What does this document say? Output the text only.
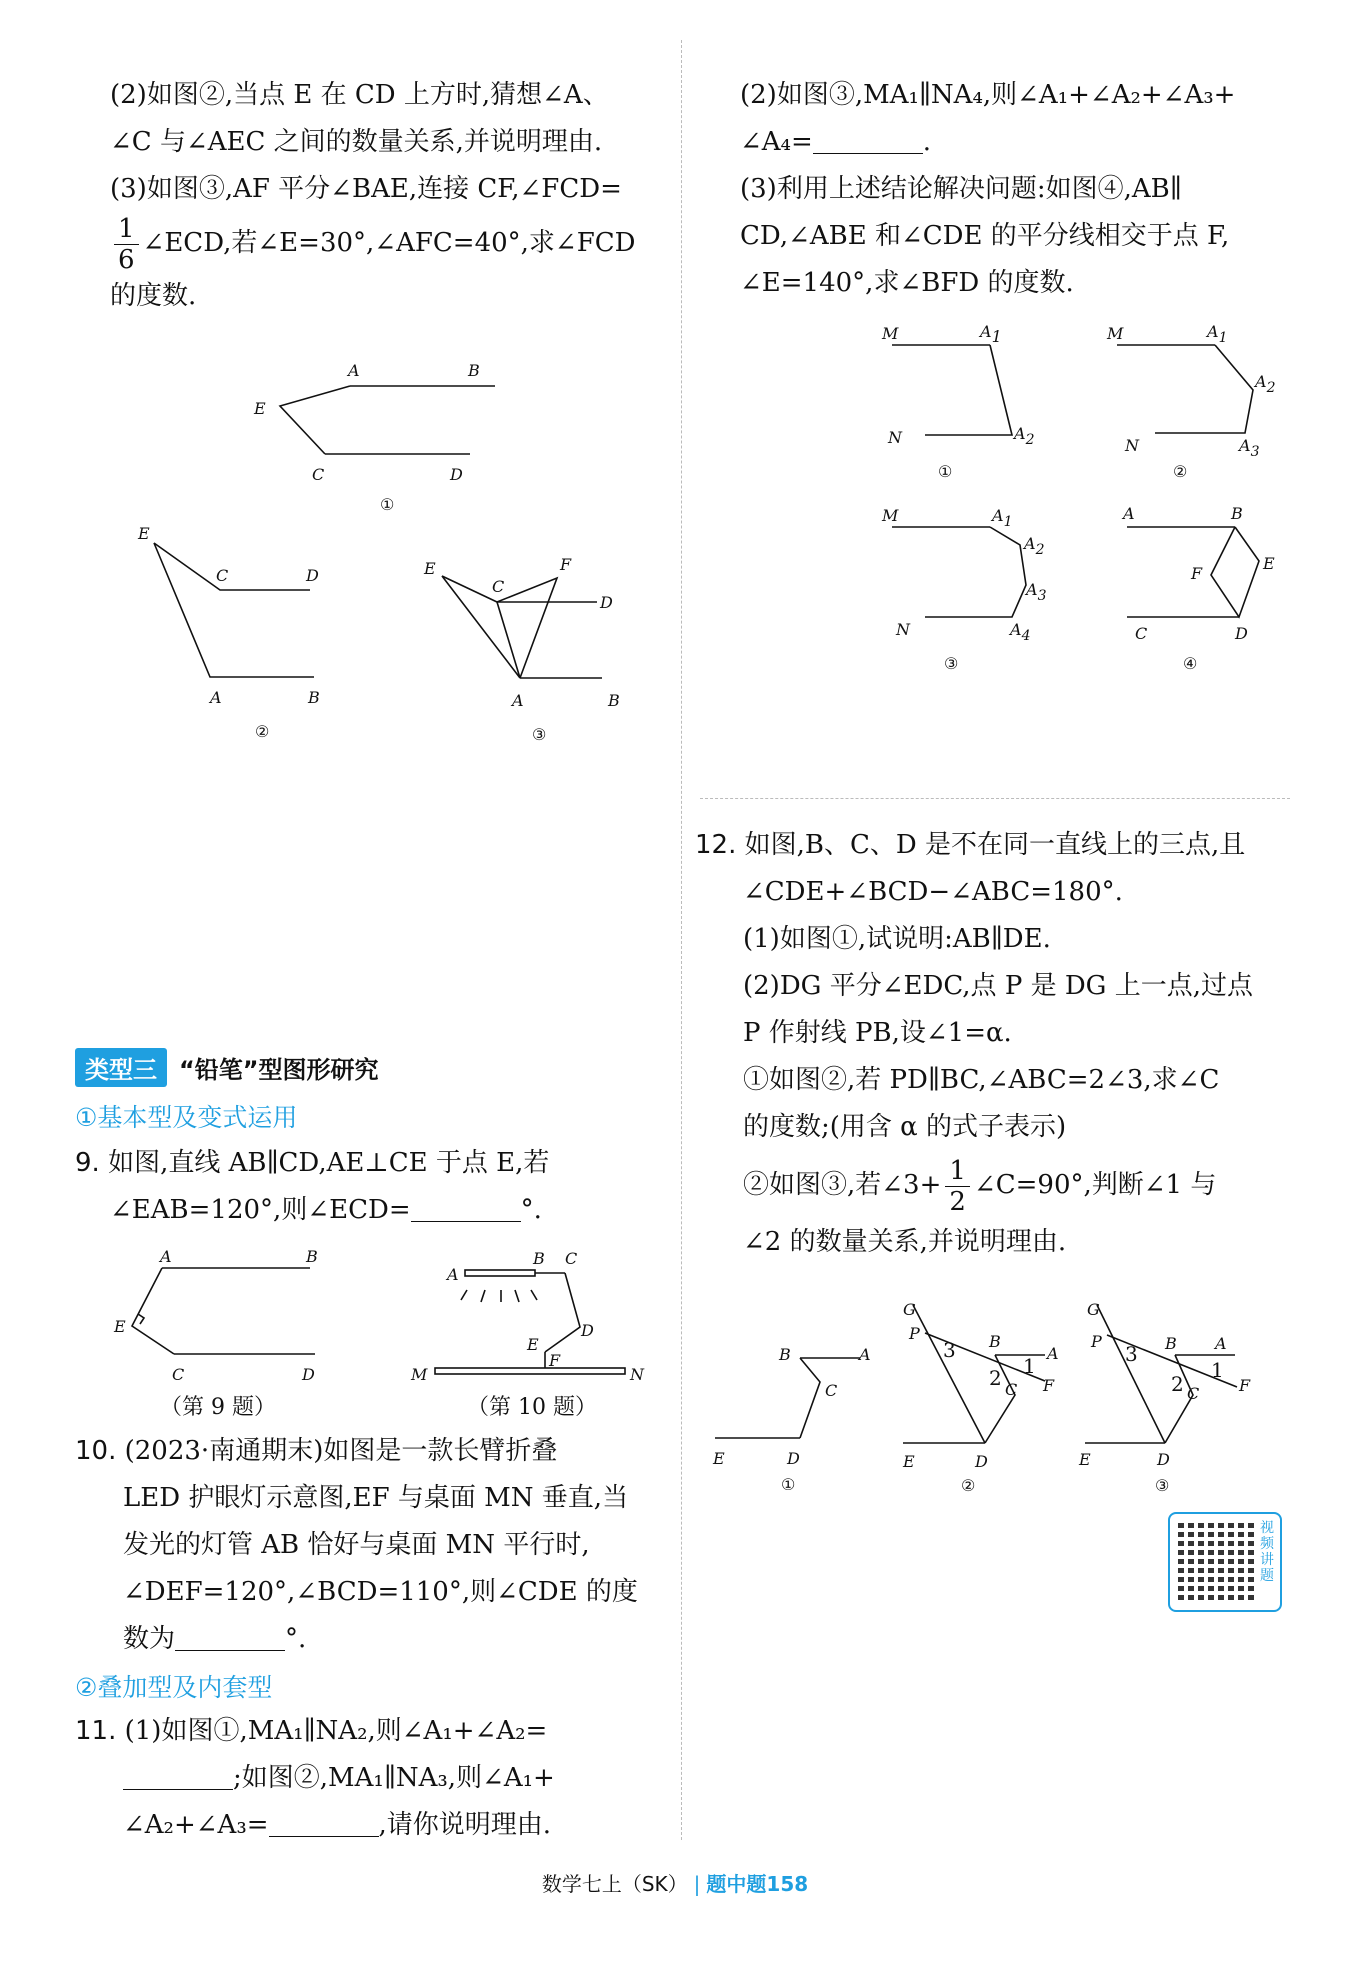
(2)如图②,当点 E 在 CD 上方时,猜想∠A、
∠C 与∠AEC 之间的数量关系,并说明理由.
(3)如图③,AF 平分∠BAE,连接 CF,∠FCD=
$\frac{1}{6}$ ∠ECD,若∠E=30°,∠AFC=40°,求∠FCD
的度数.
A	B
E
C	D
①
E
C	D
A	B
②
E
C
F
D
A	B
③
类型三 “铅笔”型图形研究
①基本型及变式运用
9. 如图,直线 AB∥CD,AE⊥CE 于点 E,若
∠EAB=120°,则∠ECD=	°.
A	B
E
C	D
（第 9 题）
A
B C
D
E
F
M	N
（第 10 题）
10. (2023·南通期末)如图是一款长臂折叠
LED 护眼灯示意图,EF 与桌面 MN 垂直,当
发光的灯管 AB 恰好与桌面 MN 平行时,
∠DEF=120°,∠BCD=110°,则∠CDE 的度
数为	°.
②叠加型及内套型
11. (1)如图①,MA₁∥NA₂,则∠A₁+∠A₂=
;如图②,MA₁∥NA₃,则∠A₁+
∠A₂+∠A₃=	,请你说明理由.
(2)如图③,MA₁∥NA₄,则∠A₁+∠A₂+∠A₃+
∠A₄=	.
(3)利用上述结论解决问题:如图④,AB∥
CD,∠ABE 和∠CDE 的平分线相交于点 F,
∠E=140°,求∠BFD 的度数.
M	A1
N	A2
①
M	A1
A2
N	A3
②
M	A1
A2
A3
N	A4
③
A	B
E
F
C	D
④
12. 如图,B、C、D 是不在同一直线上的三点,且
∠CDE+∠BCD−∠ABC=180°.
(1)如图①,试说明:AB∥DE.
(2)DG 平分∠EDC,点 P 是 DG 上一点,过点
P 作射线 PB,设∠1=α.
①如图②,若 PD∥BC,∠ABC=2∠3,求∠C
的度数;(用含 α 的式子表示)
②如图③,若∠3+ $\frac{1}{2}$ ∠C=90°,判断∠1 与
∠2 的数量关系,并说明理由.
B	A
C
E	D
①
G
P
3 B
A
1
2 C F
E	D
②
G
P
3 B A
1
2 C F
E	D
③
视频讲题
数学七上（SK） | 题中题158
